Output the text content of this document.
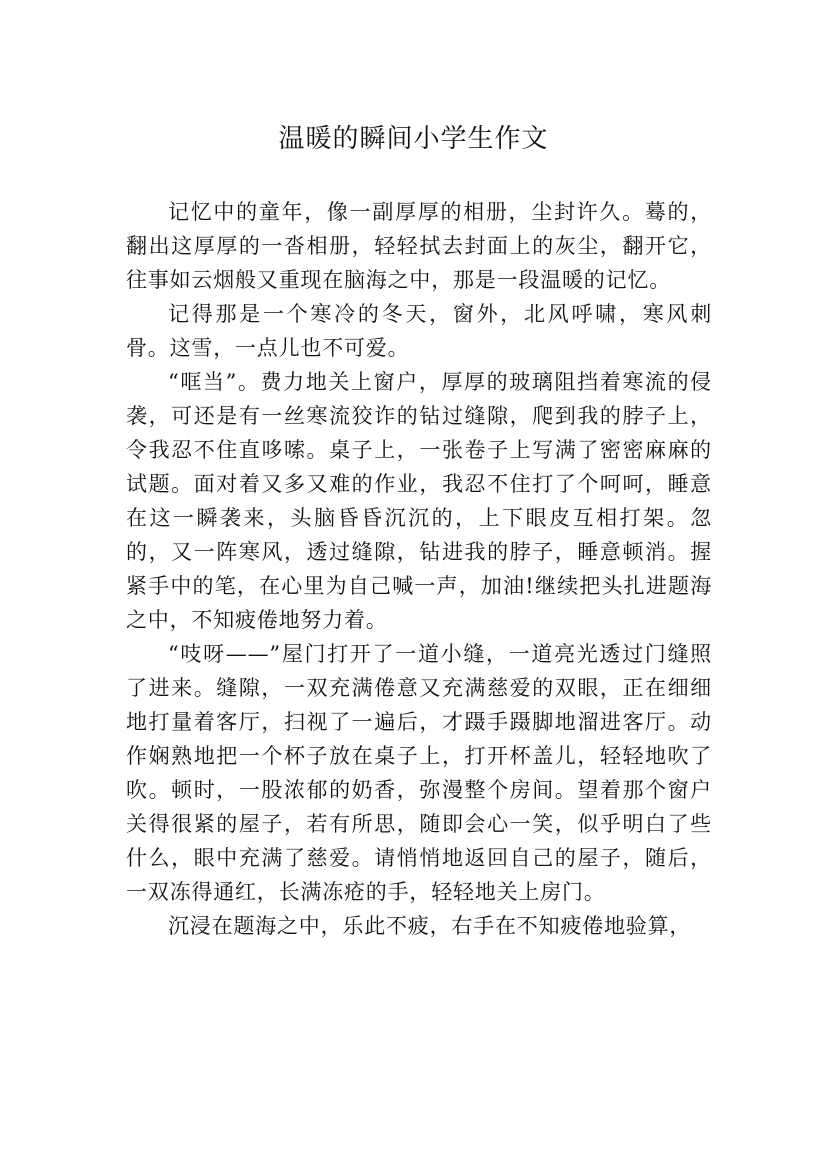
温暖的瞬间小学生作文

记忆中的童年，像一副厚厚的相册，尘封许久。蓦的，翻出这厚厚的一沓相册，轻轻拭去封面上的灰尘，翻开它，往事如云烟般又重现在脑海之中，那是一段温暖的记忆。

记得那是一个寒冷的冬天，窗外，北风呼啸，寒风刺骨。这雪，一点儿也不可爱。

“哐当”。费力地关上窗户，厚厚的玻璃阻挡着寒流的侵袭，可还是有一丝寒流狡诈的钻过缝隙，爬到我的脖子上，令我忍不住直哆嗦。桌子上，一张卷子上写满了密密麻麻的试题。面对着又多又难的作业，我忍不住打了个呵呵，睡意在这一瞬袭来，头脑昏昏沉沉的，上下眼皮互相打架。忽的，又一阵寒风，透过缝隙，钻进我的脖子，睡意顿消。握紧手中的笔，在心里为自己喊一声，加油!继续把头扎进题海之中，不知疲倦地努力着。

“吱呀——”屋门打开了一道小缝，一道亮光透过门缝照了进来。缝隙，一双充满倦意又充满慈爱的双眼，正在细细地打量着客厅，扫视了一遍后，才蹑手蹑脚地溜进客厅。动作娴熟地把一个杯子放在桌子上，打开杯盖儿，轻轻地吹了吹。顿时，一股浓郁的奶香，弥漫整个房间。望着那个窗户关得很紧的屋子，若有所思，随即会心一笑，似乎明白了些什么，眼中充满了慈爱。请悄悄地返回自己的屋子，随后，一双冻得通红，长满冻疮的手，轻轻地关上房门。

沉浸在题海之中，乐此不疲，右手在不知疲倦地验算，
